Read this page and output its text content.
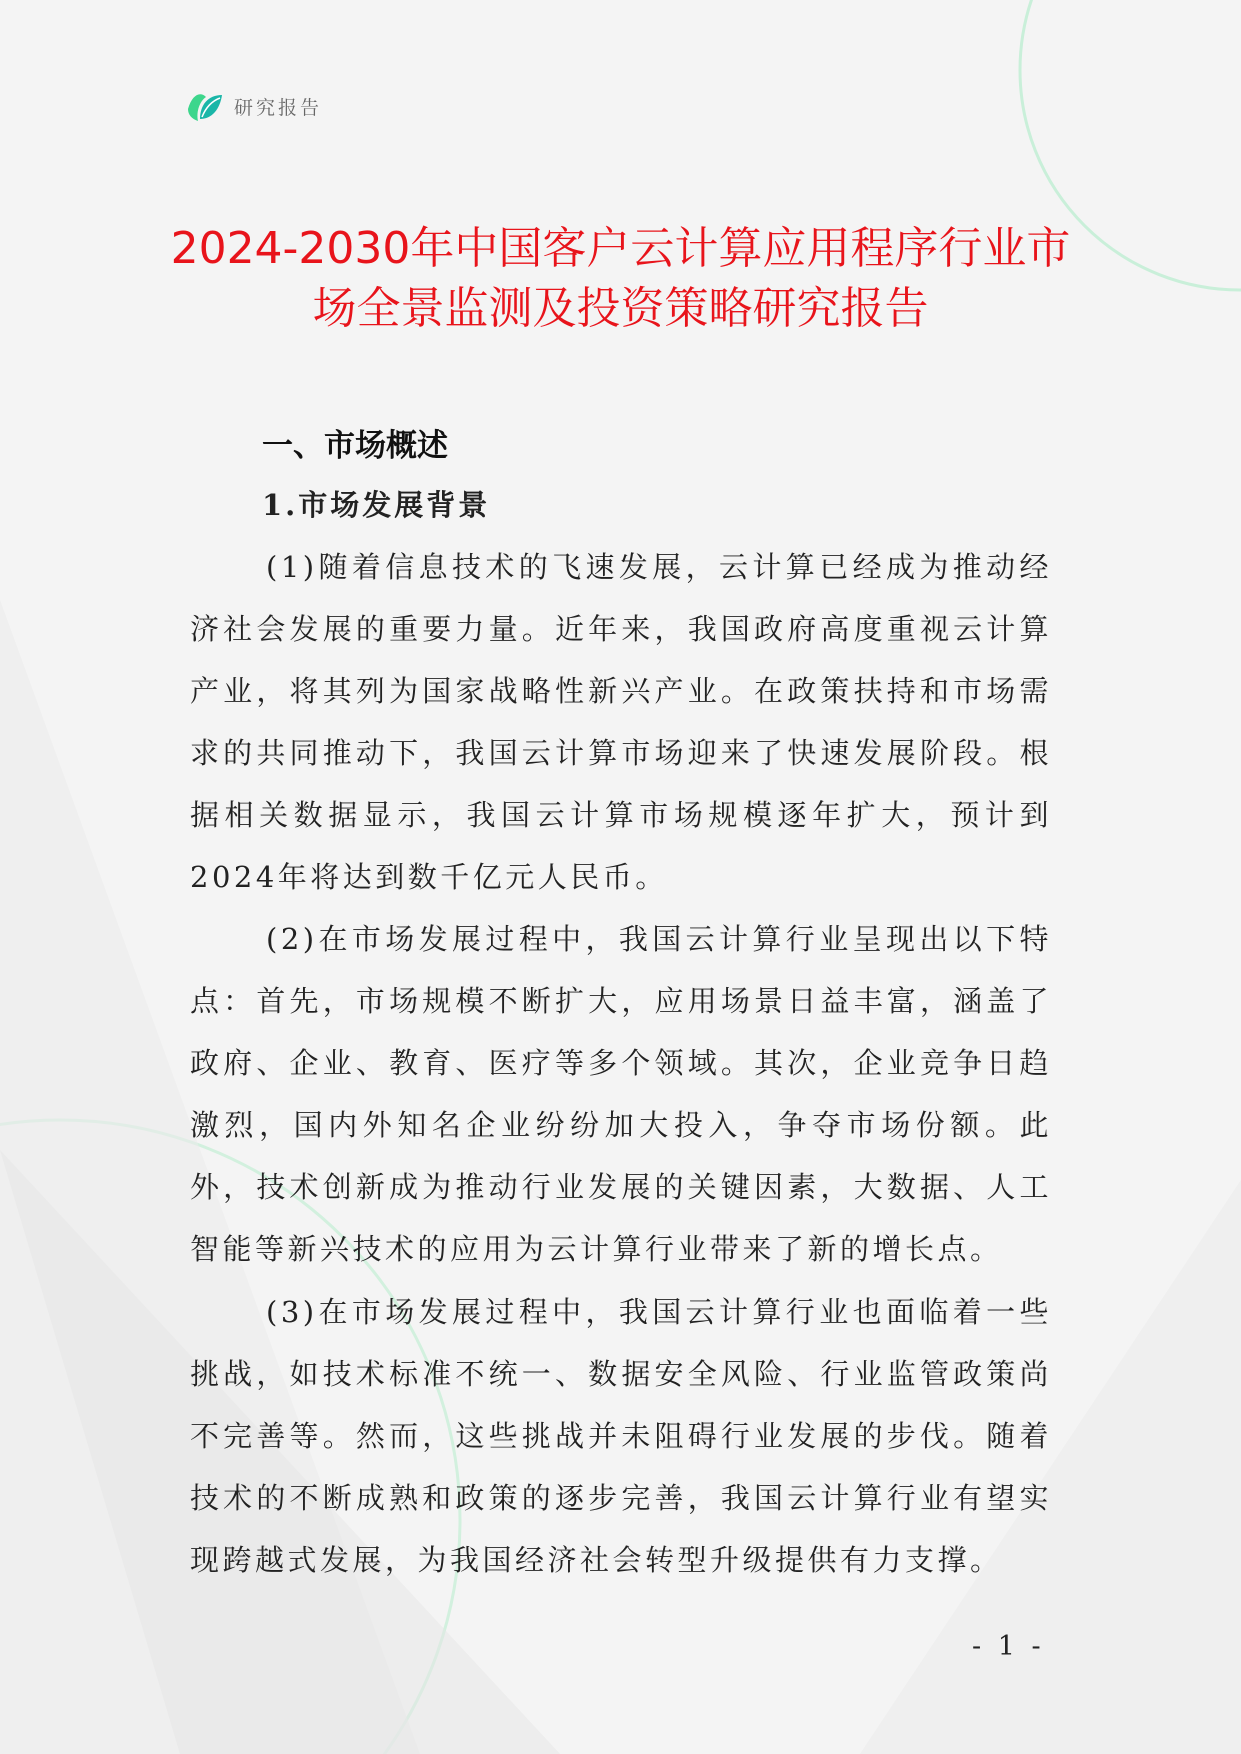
研究报告
2024-2030年中国客户云计算应用程序行业市场全景监测及投资策略研究报告
一、市场概述
1.市场发展背景

(1)随着信息技术的飞速发展，云计算已经成为推动经济社会发展的重要力量。近年来，我国政府高度重视云计算产业，将其列为国家战略性新兴产业。在政策扶持和市场需求的共同推动下，我国云计算市场迎来了快速发展阶段。根据相关数据显示，我国云计算市场规模逐年扩大，预计到2024年将达到数千亿元人民币。

(2)在市场发展过程中，我国云计算行业呈现出以下特点：首先，市场规模不断扩大，应用场景日益丰富，涵盖了政府、企业、教育、医疗等多个领域。其次，企业竞争日趋激烈，国内外知名企业纷纷加大投入，争夺市场份额。此外，技术创新成为推动行业发展的关键因素，大数据、人工智能等新兴技术的应用为云计算行业带来了新的增长点。

(3)在市场发展过程中，我国云计算行业也面临着一些挑战，如技术标准不统一、数据安全风险、行业监管政策尚不完善等。然而，这些挑战并未阻碍行业发展的步伐。随着技术的不断成熟和政策的逐步完善，我国云计算行业有望实现跨越式发展，为我国经济社会转型升级提供有力支撑。

- 1 -
